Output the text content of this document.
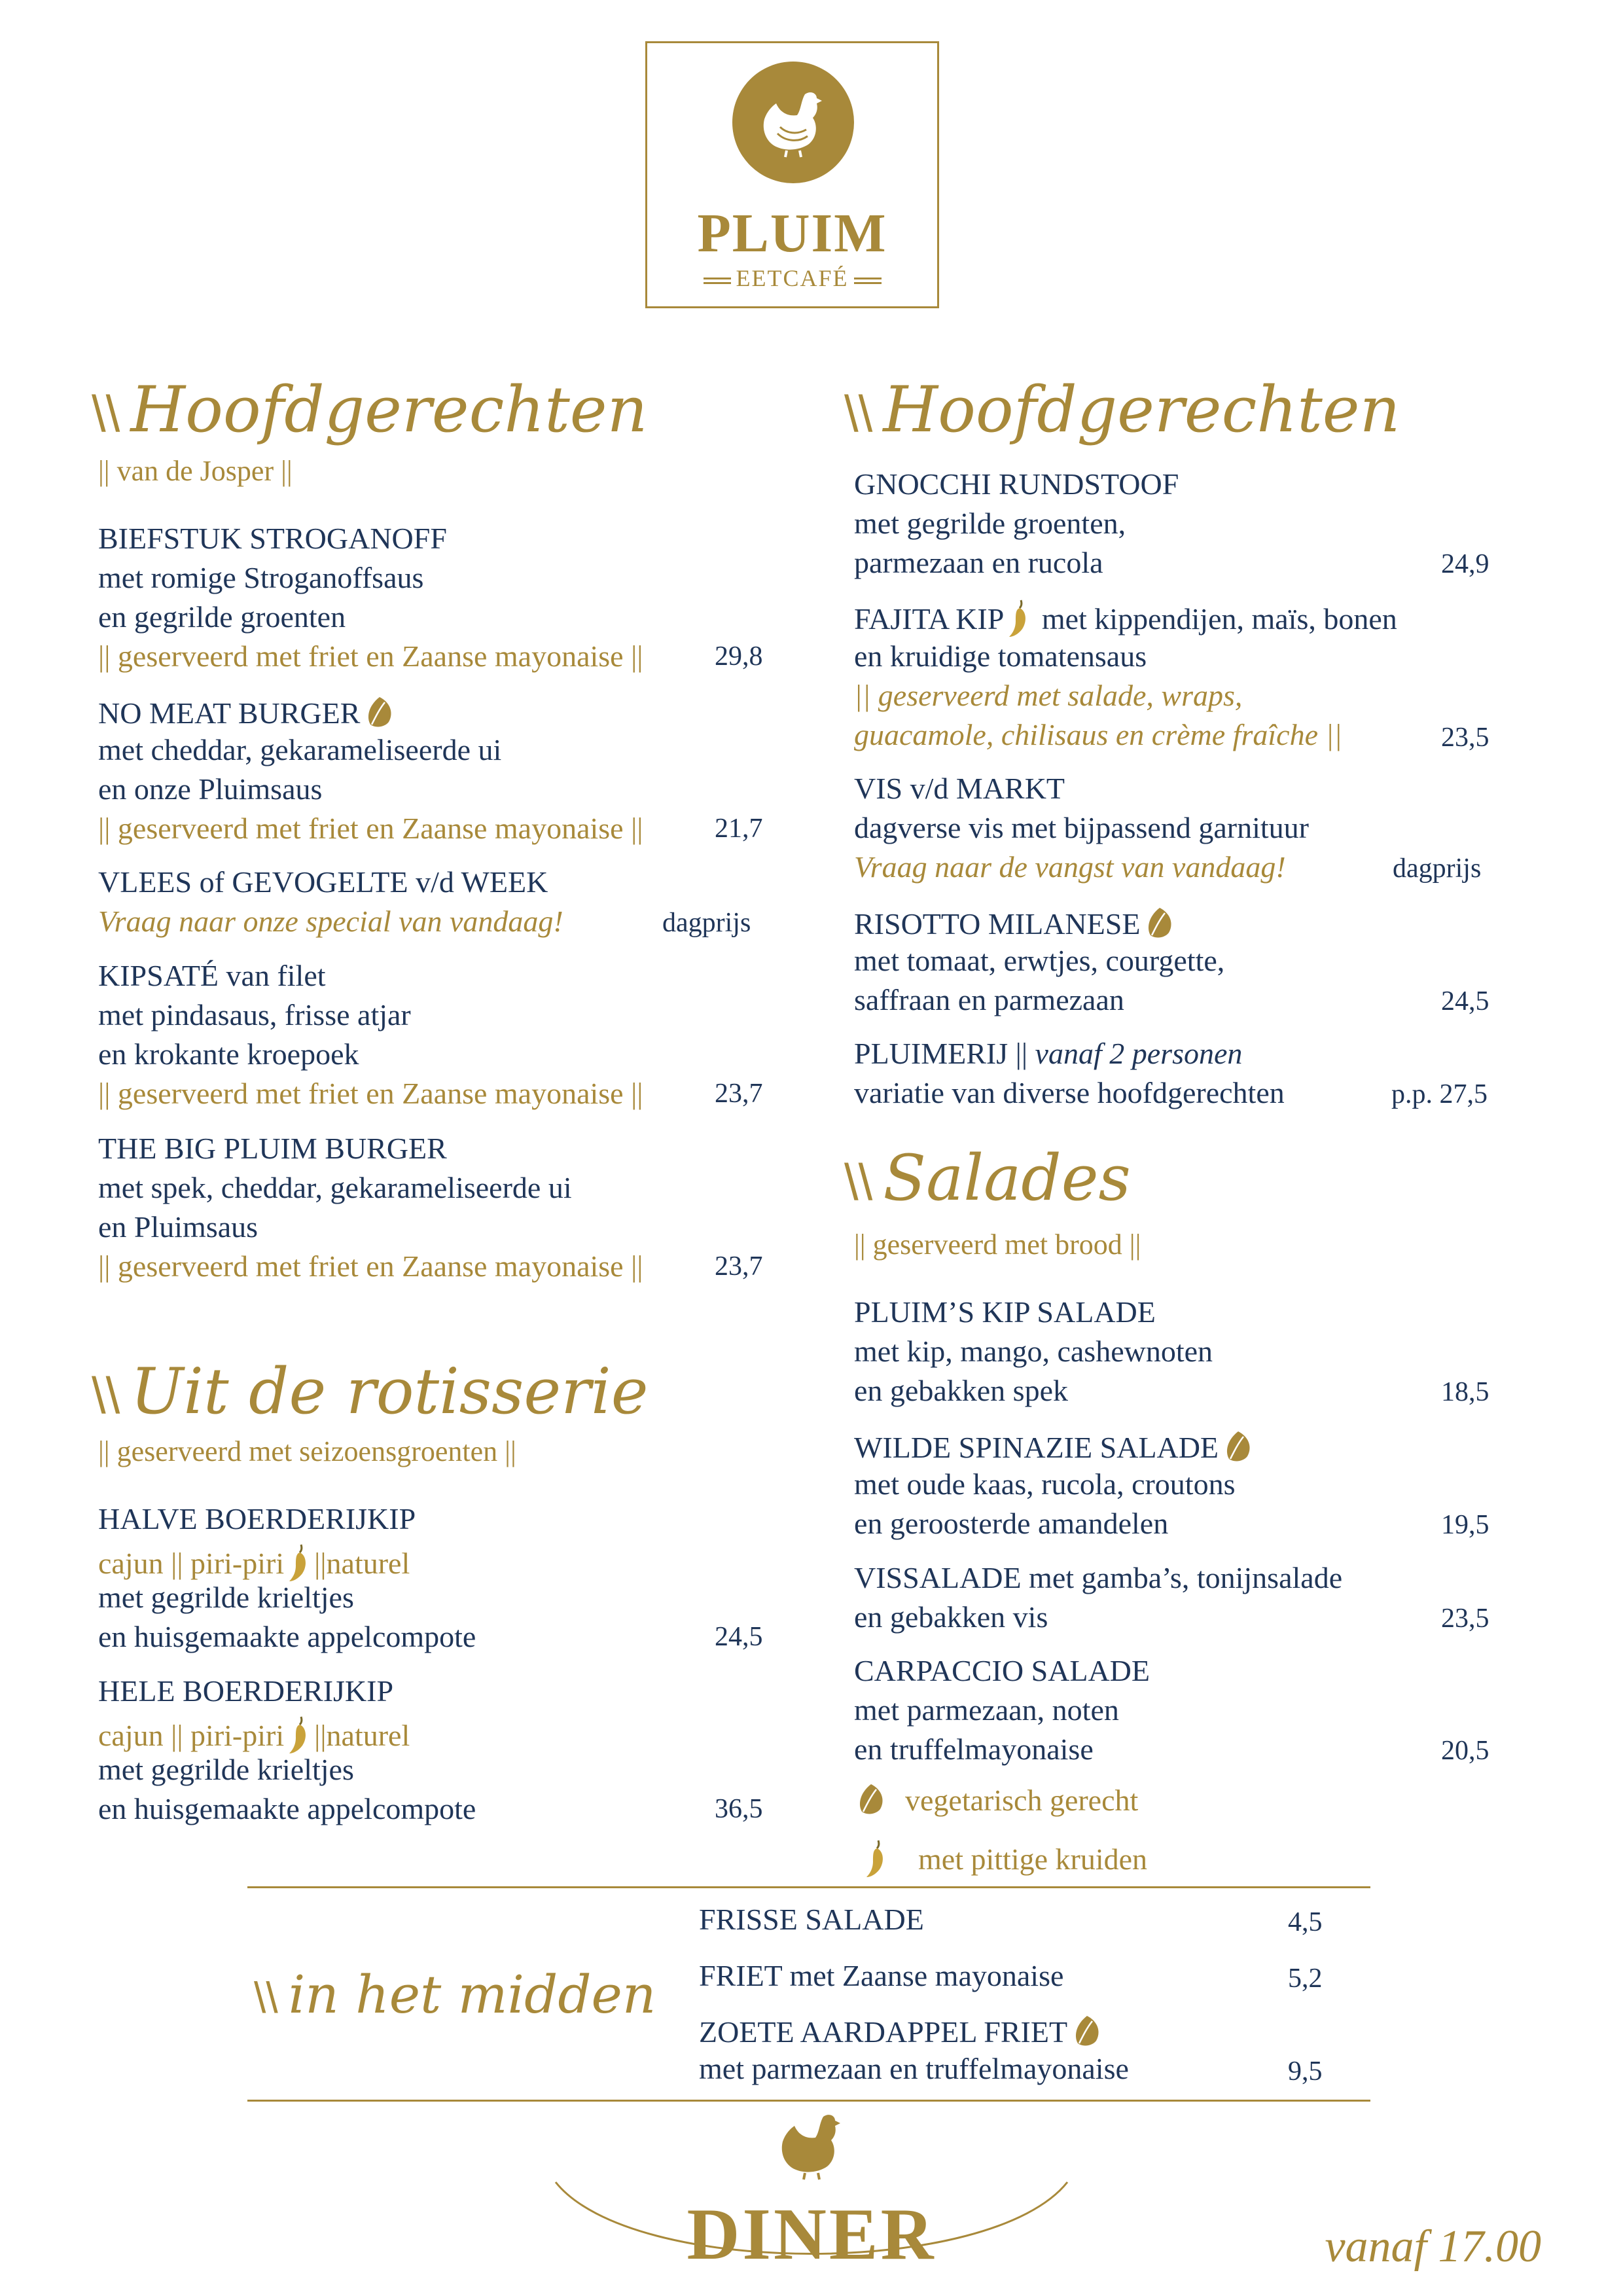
PLUIM
EETCAFÉ
\\ Hoofdgerechten
|| van de Josper ||
BIEFSTUK STROGANOFF
met romige Stroganoffsaus
en gegrilde groenten
|| geserveerd met friet en Zaanse mayonaise ||	29,8
NO MEAT BURGER
met cheddar, gekarameliseerde ui
en onze Pluimsaus
|| geserveerd met friet en Zaanse mayonaise ||	21,7
VLEES of GEVOGELTE v/d WEEK
Vraag naar onze special van vandaag!	dagprijs
KIPSATÉ van filet
met pindasaus, frisse atjar
en krokante kroepoek
|| geserveerd met friet en Zaanse mayonaise ||	23,7
THE BIG PLUIM BURGER
met spek, cheddar, gekarameliseerde ui
en Pluimsaus
|| geserveerd met friet en Zaanse mayonaise ||	23,7
\\ Uit de rotisserie
|| geserveerd met seizoensgroenten ||
HALVE BOERDERIJKIP
cajun || piri-piri ||naturel
met gegrilde krieltjes
en huisgemaakte appelcompote	24,5
HELE BOERDERIJKIP
cajun || piri-piri ||naturel
met gegrilde krieltjes
en huisgemaakte appelcompote	36,5
\\ Hoofdgerechten
GNOCCHI RUNDSTOOF
met gegrilde groenten,
parmezaan en rucola	24,9
FAJITA KIP met kippendijen, maïs, bonen
en kruidige tomatensaus
|| geserveerd met salade, wraps,
guacamole, chilisaus en crème fraîche ||	23,5
VIS v/d MARKT
dagverse vis met bijpassend garnituur
Vraag naar de vangst van vandaag!	dagprijs
RISOTTO MILANESE
met tomaat, erwtjes, courgette,
saffraan en parmezaan	24,5
PLUIMERIJ || vanaf 2 personen
variatie van diverse hoofdgerechten	p.p. 27,5
\\ Salades
|| geserveerd met brood ||
PLUIM’S KIP SALADE
met kip, mango, cashewnoten
en gebakken spek	18,5
WILDE SPINAZIE SALADE
met oude kaas, rucola, croutons
en geroosterde amandelen	19,5
VISSALADE met gamba’s, tonijnsalade
en gebakken vis	23,5
CARPACCIO SALADE
met parmezaan, noten
en truffelmayonaise	20,5
vegetarisch gerecht
met pittige kruiden
\\ in het midden
FRISSE SALADE	4,5
FRIET met Zaanse mayonaise	5,2
ZOETE AARDAPPEL FRIET
met parmezaan en truffelmayonaise	9,5
DINER	vanaf 17.00
